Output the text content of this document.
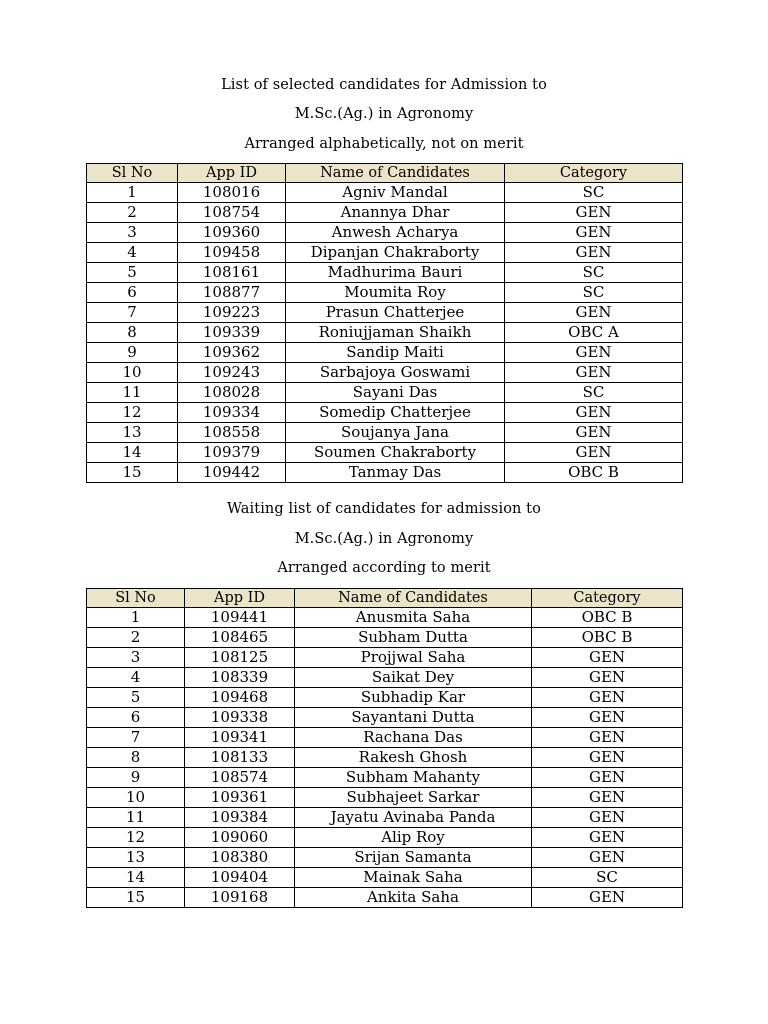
List of selected candidates for Admission to
M.Sc.(Ag.) in Agronomy
Arranged alphabetically, not on merit
Sl No	App ID	Name of Candidates	Category
1	108016	Agniv Mandal	SC
2	108754	Anannya Dhar	GEN
3	109360	Anwesh Acharya	GEN
4	109458	Dipanjan Chakraborty	GEN
5	108161	Madhurima Bauri	SC
6	108877	Moumita Roy	SC
7	109223	Prasun Chatterjee	GEN
8	109339	Roniujjaman Shaikh	OBC A
9	109362	Sandip Maiti	GEN
10	109243	Sarbajoya Goswami	GEN
11	108028	Sayani Das	SC
12	109334	Somedip Chatterjee	GEN
13	108558	Soujanya Jana	GEN
14	109379	Soumen Chakraborty	GEN
15	109442	Tanmay Das	OBC B
Waiting list of candidates for admission to
M.Sc.(Ag.) in Agronomy
Arranged according to merit
Sl No	App ID	Name of Candidates	Category
1	109441	Anusmita Saha	OBC B
2	108465	Subham Dutta	OBC B
3	108125	Projjwal Saha	GEN
4	108339	Saikat Dey	GEN
5	109468	Subhadip Kar	GEN
6	109338	Sayantani Dutta	GEN
7	109341	Rachana Das	GEN
8	108133	Rakesh Ghosh	GEN
9	108574	Subham Mahanty	GEN
10	109361	Subhajeet Sarkar	GEN
11	109384	Jayatu Avinaba Panda	GEN
12	109060	Alip Roy	GEN
13	108380	Srijan Samanta	GEN
14	109404	Mainak Saha	SC
15	109168	Ankita Saha	GEN
